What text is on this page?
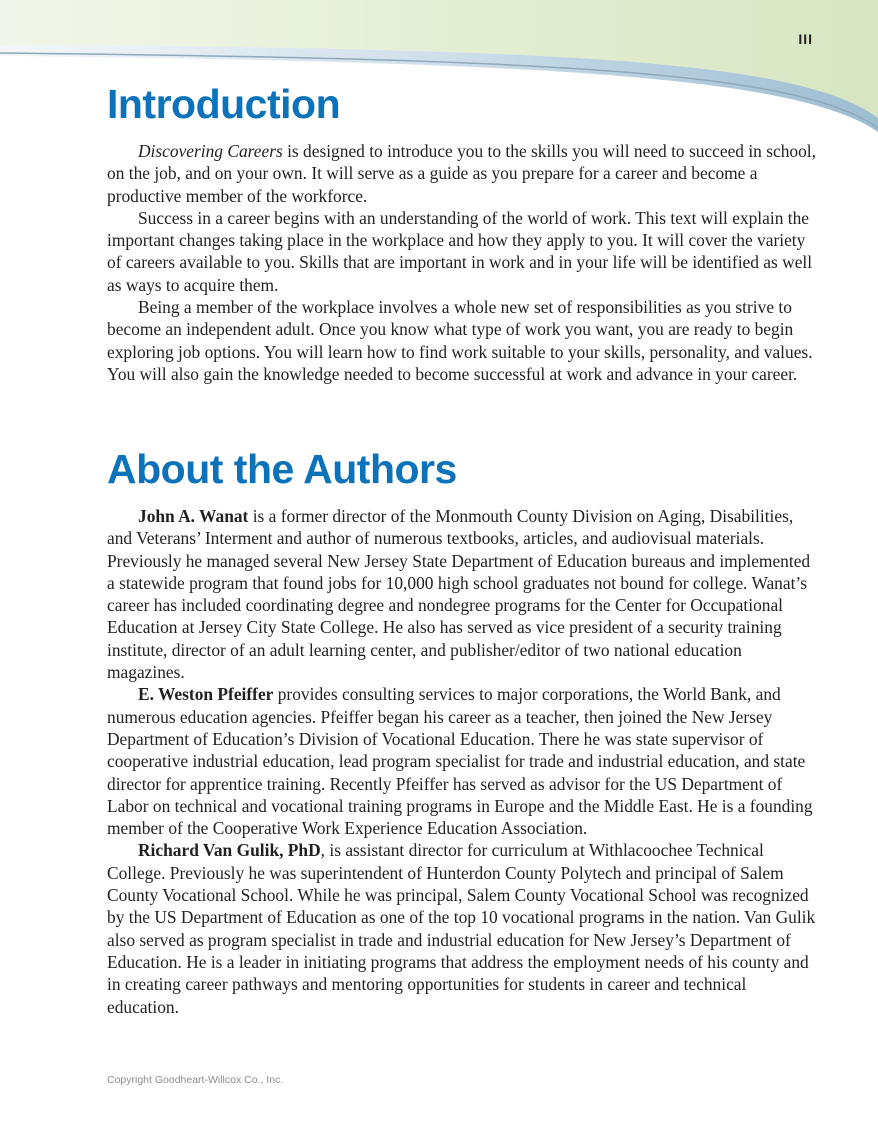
III
Introduction

Discovering Careers is designed to introduce you to the skills you will need to succeed in school, on the job, and on your own. It will serve as a guide as you prepare for a career and become a productive member of the workforce.

Success in a career begins with an understanding of the world of work. This text will explain the important changes taking place in the workplace and how they apply to you. It will cover the variety of careers available to you. Skills that are important in work and in your life will be identified as well as ways to acquire them.

Being a member of the workplace involves a whole new set of responsibilities as you strive to become an independent adult. Once you know what type of work you want, you are ready to begin exploring job options. You will learn how to find work suitable to your skills, personality, and values. You will also gain the knowledge needed to become successful at work and advance in your career.

About the Authors

John A. Wanat is a former director of the Monmouth County Division on Aging, Disabilities, and Veterans’ Interment and author of numerous textbooks, articles, and audiovisual materials. Previously he managed several New Jersey State Department of Education bureaus and implemented a statewide program that found jobs for 10,000 high school graduates not bound for college. Wanat’s career has included coordinating degree and nondegree programs for the Center for Occupational Education at Jersey City State College. He also has served as vice president of a security training institute, director of an adult learning center, and publisher/editor of two national education magazines.

E. Weston Pfeiffer provides consulting services to major corporations, the World Bank, and numerous education agencies. Pfeiffer began his career as a teacher, then joined the New Jersey Department of Education’s Division of Vocational Education. There he was state supervisor of cooperative industrial education, lead program specialist for trade and industrial education, and state director for apprentice training. Recently Pfeiffer has served as advisor for the US Department of Labor on technical and vocational training programs in Europe and the Middle East. He is a founding member of the Cooperative Work Experience Education Association.

Richard Van Gulik, PhD, is assistant director for curriculum at Withlacoochee Technical College. Previously he was superintendent of Hunterdon County Polytech and principal of Salem County Vocational School. While he was principal, Salem County Vocational School was recognized by the US Department of Education as one of the top 10 vocational programs in the nation. Van Gulik also served as program specialist in trade and industrial education for New Jersey’s Department of Education. He is a leader in initiating programs that address the employment needs of his county and in creating career pathways and mentoring opportunities for students in career and technical education.

Copyright Goodheart-Willcox Co., Inc.
